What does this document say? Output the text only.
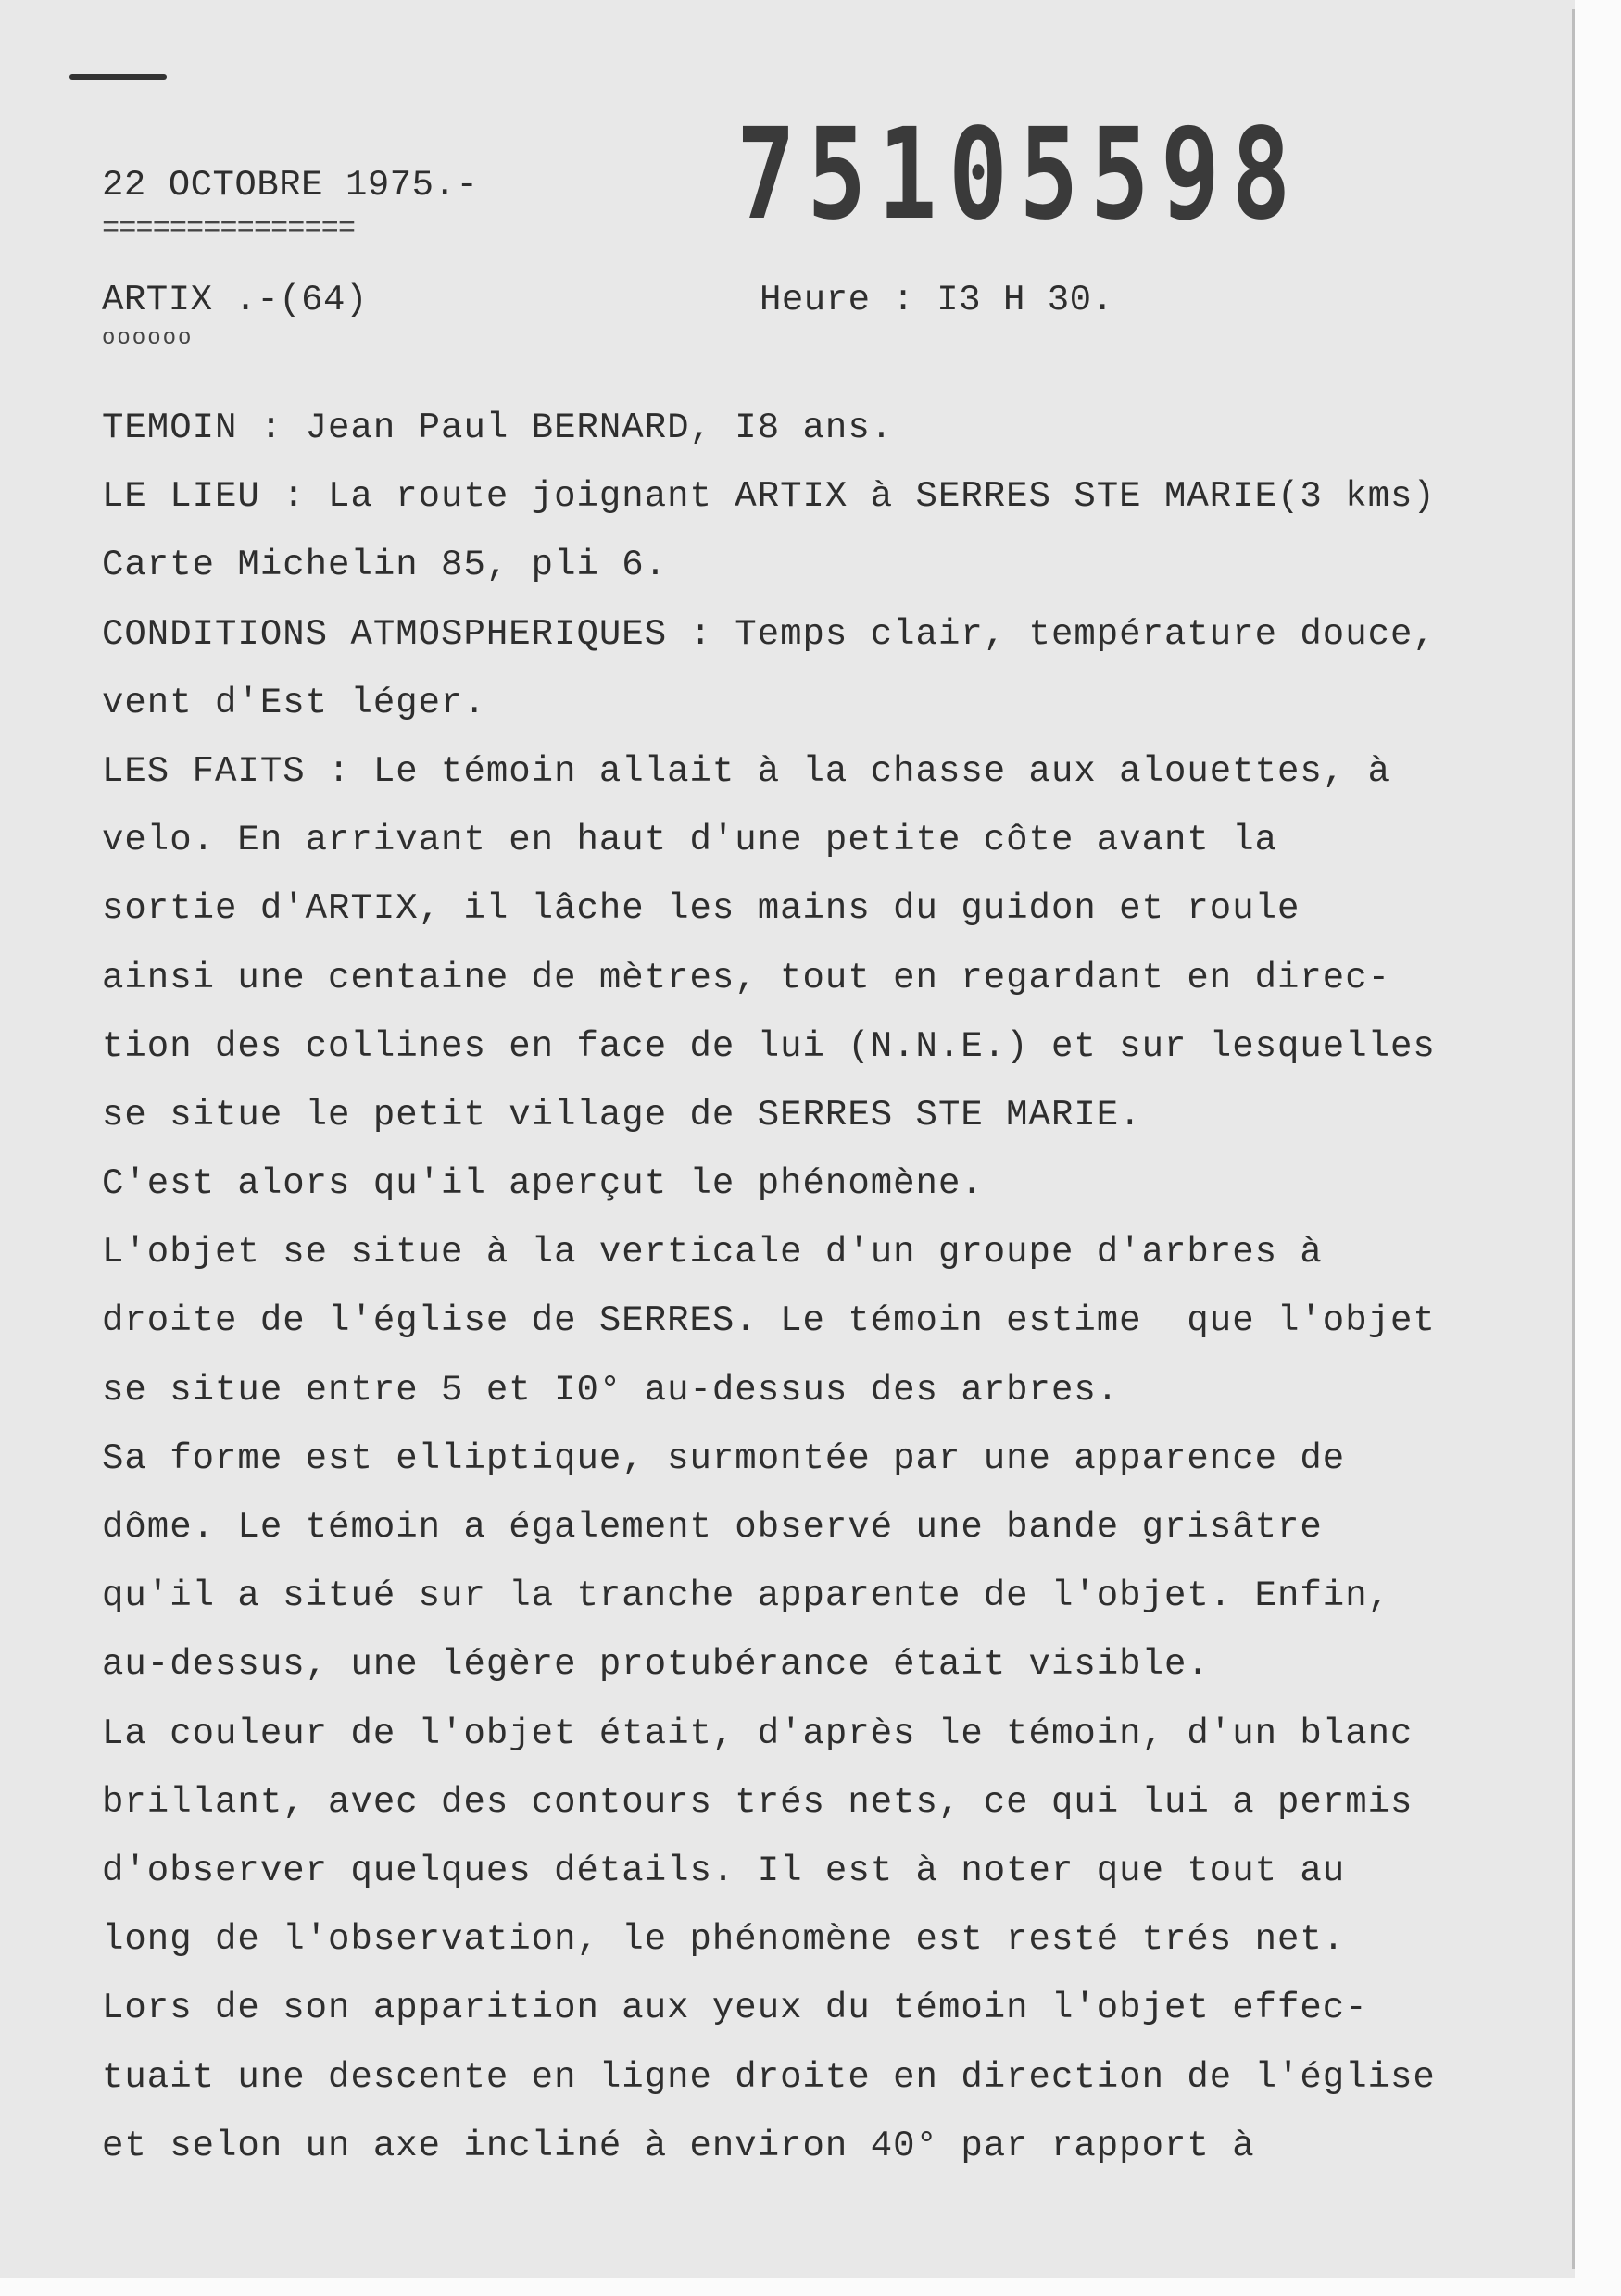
22 OCTOBRE 1975.-
===============	75105598
ARTIX .-(64)
oooooo
Heure : I3 H 30.
TEMOIN : Jean Paul BERNARD, I8 ans.
LE LIEU : La route joignant ARTIX à SERRES STE MARIE(3 kms)
Carte Michelin 85, pli 6.
CONDITIONS ATMOSPHERIQUES : Temps clair, température douce,
vent d'Est léger.
LES FAITS : Le témoin allait à la chasse aux alouettes, à
velo. En arrivant en haut d'une petite côte avant la
sortie d'ARTIX, il lâche les mains du guidon et roule
ainsi une centaine de mètres, tout en regardant en direc-
tion des collines en face de lui (N.N.E.) et sur lesquelles
se situe le petit village de SERRES STE MARIE.
C'est alors qu'il aperçut le phénomène.
L'objet se situe à la verticale d'un groupe d'arbres à
droite de l'église de SERRES. Le témoin estime  que l'objet
se situe entre 5 et I0° au-dessus des arbres.
Sa forme est elliptique, surmontée par une apparence de
dôme. Le témoin a également observé une bande grisâtre
qu'il a situé sur la tranche apparente de l'objet. Enfin,
au-dessus, une légère protubérance était visible.
La couleur de l'objet était, d'après le témoin, d'un blanc
brillant, avec des contours trés nets, ce qui lui a permis
d'observer quelques détails. Il est à noter que tout au
long de l'observation, le phénomène est resté trés net.
Lors de son apparition aux yeux du témoin l'objet effec-
tuait une descente en ligne droite en direction de l'église
et selon un axe incliné à environ 40° par rapport à
